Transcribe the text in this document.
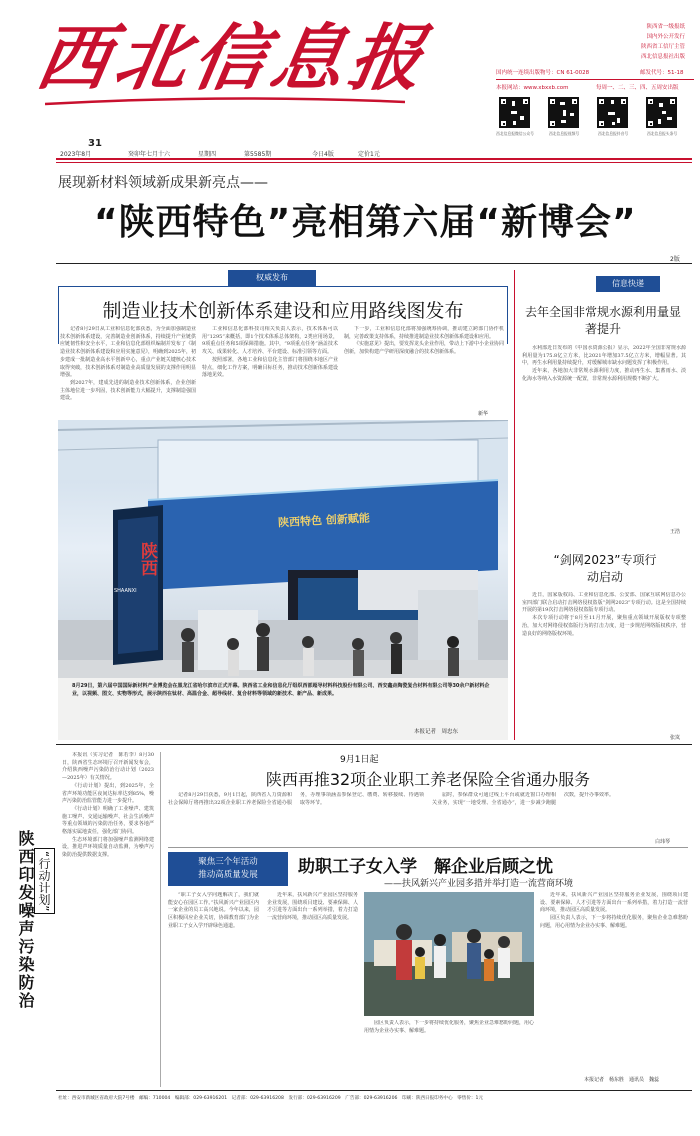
西北信息报	陕西省一级报纸
国内外公开发行
陕西省工信厅主管
西北信息报社出版
国内统一连续出版物号：CN 61-0028	邮发代号：51-18
本报网站：www.xbxxb.com	每周一、二、三、四、五周安出版
西北信息报微信公众号	西北信息报视频号	西北信息报抖音号	西北信息报头条号
31
2023年8月	癸卯年七月十六	星期四	第5585期	今日4版	定价1元
展现新材料领域新成果新亮点——
“陕西特色”亮相第六届“新博会”
2版
权威发布
制造业技术创新体系建设和应用路线图发布

记者8月29日从工业和信息化部获悉，为全面加强制造业技术创新体系建设，完善制造业创新体系，持续提升产业链供应链韧性和安全水平，工业和信息化部组织编制并发布了《制造业技术创新体系建设和应用实施意见》，明确到2025年，初步建成一批制造业高水平创新中心，重点产业链关键核心技术取得突破，技术创新体系对制造业高质量发展的支撑作用明显增强。

到2027年，建成先进的制造业技术创新体系，企业创新主体地位进一步巩固，技术创新能力大幅提升，支撑制造强国建设。

工业和信息化部科技司相关负责人表示，技术体系可以用“1295”来概括，即1个技术体系总体架构，2类应用场景，9项重点任务和5项保障措施。其中，“9项重点任务”涵盖技术攻关、成果转化、人才培养、平台建设、标准引领等方面。

按照部署，各地工业和信息化主管部门将围绕本地区产业特点，细化工作方案，明确目标任务，推动技术创新体系建设落地见效。

下一步，工业和信息化部将加强统筹协调，推动建立跨部门协作机制，完善政策支持体系，持续推进制造业技术创新体系建设和应用。

《实施意见》提出，要发挥龙头企业作用，带动上下游中小企业协同创新，加快构建产学研用深度融合的技术创新体系。

新华
陕西特色 创新赋能
陕西
SHAANXI
8月29日，第六届中国国际新材料产业博览会在黑龙江省哈尔滨市正式开幕。陕西省工业和信息化厅组织西部超导材料科技股份有限公司、西安鑫垚陶瓷复合材料有限公司等30余户新材料企业，以视频、图文、实物等形式，展示陕西在钛材、高温合金、超导线材、复合材料等领域的新技术、新产品、新成果。
本报记者　周忠东
信息快递
去年全国非常规水源利用量显著提升

水利部近日发布的《中国水资源公报》显示，2022年全国非常规水源利用量为175.8亿立方米，比2021年增加37.5亿立方米，增幅显著。其中，再生水利用量持续提升，对缓解城市缺水问题发挥了积极作用。

近年来，各地加大非常规水源利用力度，推动再生水、集蓄雨水、淡化海水等纳入水资源统一配置，非常规水源利用规模不断扩大。

王浩
“剑网2023”专项行动启动

近日，国家版权局、工业和信息化部、公安部、国家互联网信息办公室四部门联合启动打击网络侵权盗版“剑网2023”专项行动。这是全国持续开展的第19次打击网络侵权盗版专项行动。

本次专项行动将于8月至11月开展，聚焦重点领域开展版权专项整治，加大对网络侵权盗版行为的打击力度，进一步规范网络版权秩序，营造良好的网络版权环境。

张岚
陕西印发噪声污染防治 “行动计划”

本报讯（实习记者　陈若李）8月30日，陕西省生态环境厅召开新闻发布会，介绍陕西噪声污染防治行动计划（2023—2025年）有关情况。

《行动计划》提出，到2025年，全省声环境功能区夜间达标率达到85%，噪声污染防治监管能力进一步提升。

《行动计划》明确了工业噪声、建筑施工噪声、交通运输噪声、社会生活噪声等重点领域的污染防治任务，要求各地严格落实属地责任，强化部门协同。

生态环境部门将加强噪声监测网络建设，推进声环境质量自动监测，为噪声污染防治提供数据支撑。

9月1日起
陕西再推32项企业职工养老保险全省通办服务

记者8月29日获悉，9月1日起，陕西省人力资源和社会保障厅将再推出32项企业职工养老保险全省通办服务，办理事项涵盖参保登记、缴费、转移接续、待遇领取等环节。

届时，参保群众可通过线上平台或就近窗口办理相关业务，实现“一地受理、全省通办”，进一步减少跑腿次数，提升办事效率。

白玮琴
聚焦三个年活动
推动高质量发展	助职工子女入学　解企业后顾之忧
——扶风新兴产业园多措并举打造一流营商环境

“职工子女入学问题解决了，我们就能安心在园区工作。”扶风新兴产业园区内一家企业的员工高兴地说。今年以来，园区积极回应企业关切，协调教育部门为企业职工子女入学开辟绿色通道。

近年来，扶风新兴产业园区坚持服务企业发展，围绕项目建设、要素保障、人才引进等方面出台一系列举措，着力打造一流营商环境，推动园区高质量发展。

园区负责人表示，下一步将持续优化服务，聚焦企业急难愁盼问题，用心用情为企业办实事、解难题。

近年来，扶风新兴产业园区坚持服务企业发展，围绕项目建设、要素保障、人才引进等方面出台一系列举措，着力打造一流营商环境，推动园区高质量发展。

园区负责人表示，下一步将持续优化服务，聚焦企业急难愁盼问题，用心用情为企业办实事、解难题。

本报记者　杨东胜　通讯员　魏蕊
社址：西安市新城区省政府大院7号楼　邮编：710004　编辑部：029-63916201　记者部：029-63916208　发行部：029-63916209　广告部：029-63916206　印刷：陕西日报印务中心　零售价：1元
